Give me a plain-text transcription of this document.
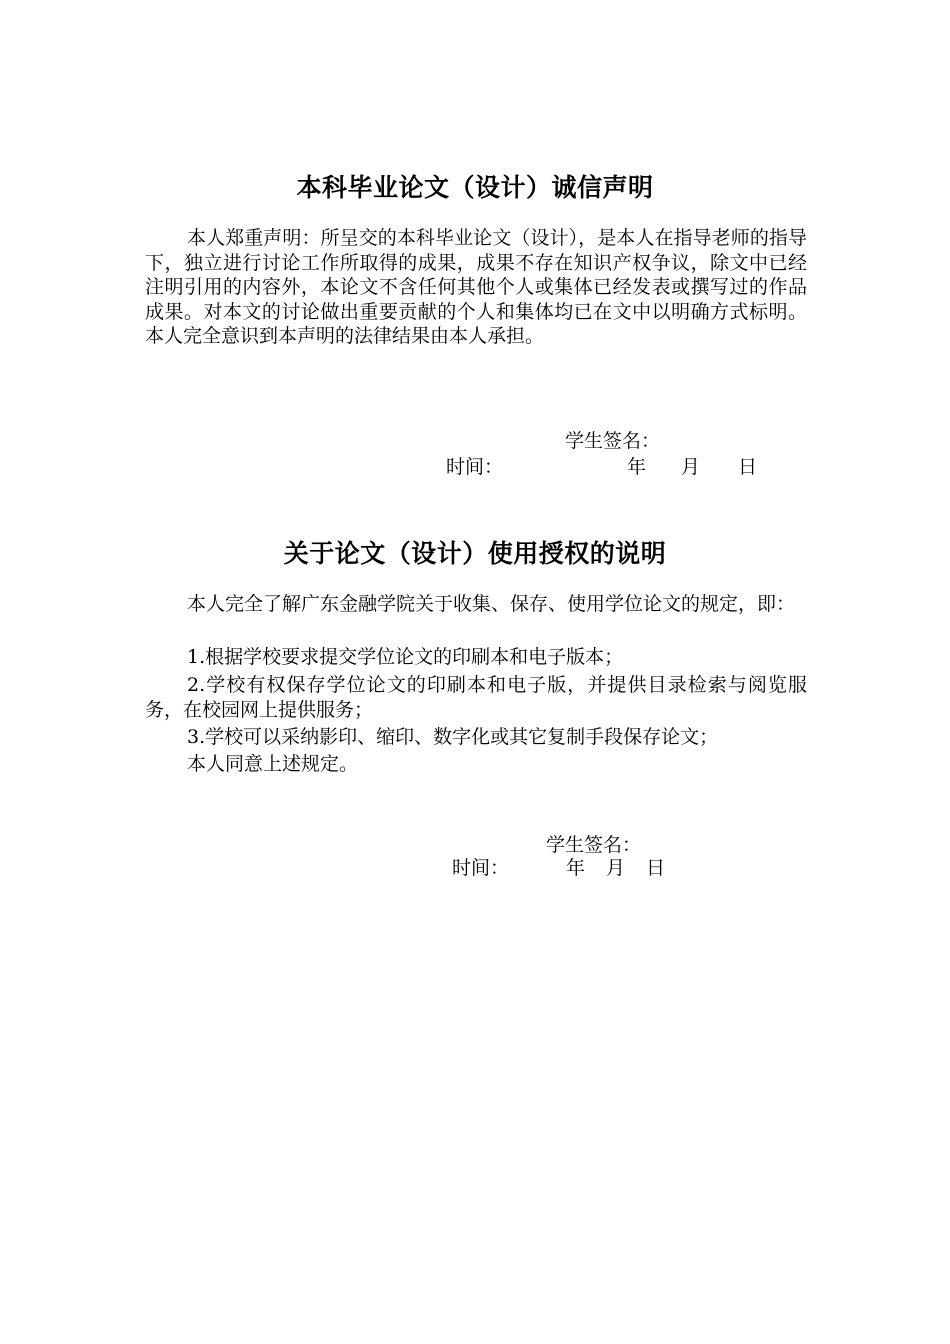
本科毕业论文（设计）诚信声明

本人郑重声明：所呈交的本科毕业论文（设计），是本人在指导老师的指导下，独立进行讨论工作所取得的成果，成果不存在知识产权争议，除文中已经注明引用的内容外，本论文不含任何其他个人或集体已经发表或撰写过的作品成果。对本文的讨论做出重要贡献的个人和集体均已在文中以明确方式标明。本人完全意识到本声明的法律结果由本人承担。

学生签名：
时间：	年 月 日
关于论文（设计）使用授权的说明

本人完全了解广东金融学院关于收集、保存、使用学位论文的规定，即：

1.根据学校要求提交学位论文的印刷本和电子版本；

2.学校有权保存学位论文的印刷本和电子版，并提供目录检索与阅览服务，在校园网上提供服务；

3.学校可以采纳影印、缩印、数字化或其它复制手段保存论文；

本人同意上述规定。

学生签名：
时间：	年 月 日
